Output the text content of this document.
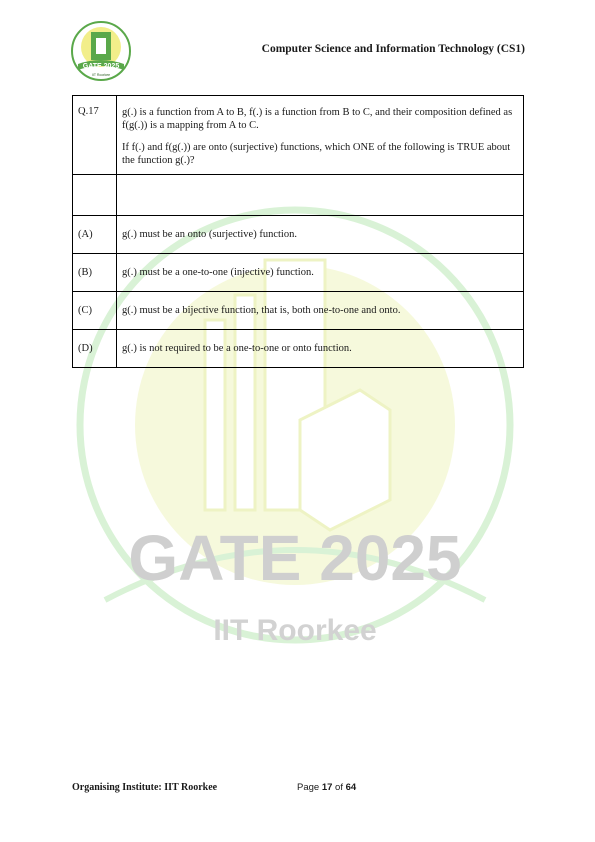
GATE 2025
IIT Roorkee
GATE 2025
IIT Roorkee
Computer Science and Information Technology (CS1)
Q.17	g(.) is a function from A to B, f(.) is a function from B to C, and their composition defined as f(g(.)) is a mapping from A to C.

If f(.) and f(g(.)) are onto (surjective) functions, which ONE of the following is TRUE about the function g(.)?

(A)	g(.) must be an onto (surjective) function.
(B)	g(.) must be a one-to-one (injective) function.
(C)	g(.) must be a bijective function, that is, both one-to-one and onto.
(D)	g(.) is not required to be a one-to-one or onto function.
Organising Institute: IIT Roorkee	Page 17 of 64
